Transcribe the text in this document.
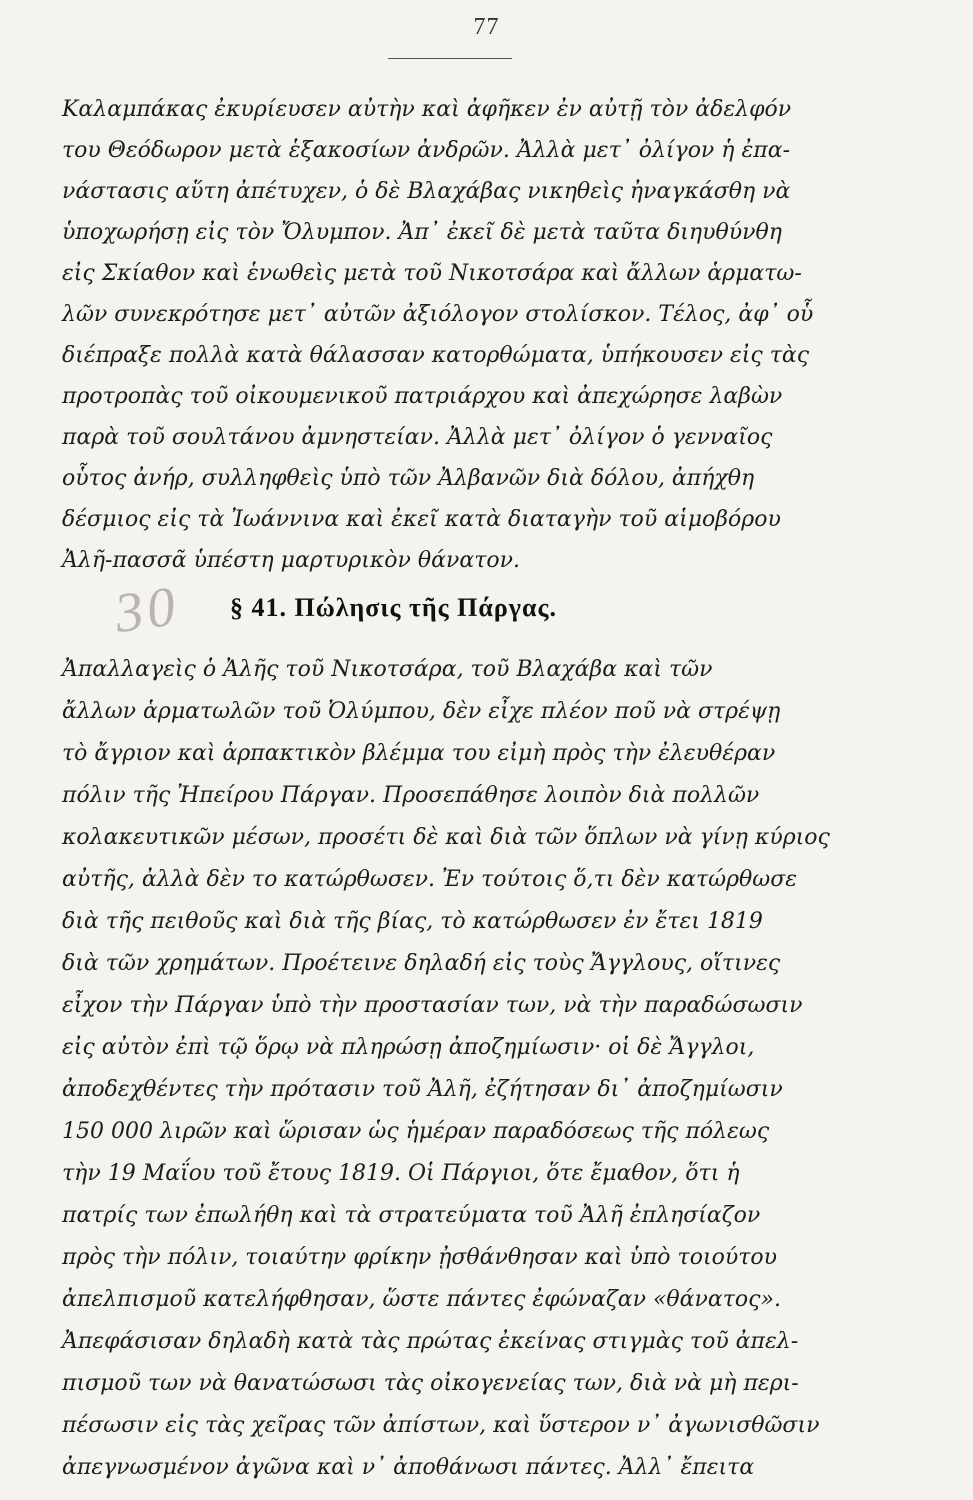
77
Καλαμπάκας ἐκυρίευσεν αὐτὴν καὶ ἀφῆκεν ἐν αὐτῇ τὸν ἀδελφόν
του Θεόδωρον μετὰ ἑξακοσίων ἀνδρῶν. Ἀλλὰ μετ᾽ ὀλίγον ἡ ἐπα-
νάστασις αὕτη ἀπέτυχεν, ὁ δὲ Βλαχάβας νικηθεὶς ἠναγκάσθη νὰ
ὑποχωρήσῃ εἰς τὸν Ὄλυμπον. Ἀπ᾽ ἐκεῖ δὲ μετὰ ταῦτα διηυθύνθη
εἰς Σκίαθον καὶ ἑνωθεὶς μετὰ τοῦ Νικοτσάρα καὶ ἄλλων ἁρματω-
λῶν συνεκρότησε μετ᾽ αὐτῶν ἀξιόλογον στολίσκον. Τέλος, ἀφ᾽ οὗ
διέπραξε πολλὰ κατὰ θάλασσαν κατορθώματα, ὑπήκουσεν εἰς τὰς
προτροπὰς τοῦ οἰκουμενικοῦ πατριάρχου καὶ ἀπεχώρησε λαβὼν
παρὰ τοῦ σουλτάνου ἀμνηστείαν. Ἀλλὰ μετ᾽ ὀλίγον ὁ γενναῖος
οὗτος ἀνήρ, συλληφθεὶς ὑπὸ τῶν Ἀλβανῶν διὰ δόλου, ἀπήχθη
δέσμιος εἰς τὰ Ἰωάννινα καὶ ἐκεῖ κατὰ διαταγὴν τοῦ αἱμοβόρου
Ἀλῆ-πασσᾶ ὑπέστη μαρτυρικὸν θάνατον.
30 § 41. Πώλησις τῆς Πάργας.
Ἀπαλλαγεὶς ὁ Ἀλῆς τοῦ Νικοτσάρα, τοῦ Βλαχάβα καὶ τῶν
ἄλλων ἁρματωλῶν τοῦ Ὀλύμπου, δὲν εἶχε πλέον ποῦ νὰ στρέψῃ
τὸ ἄγριον καὶ ἁρπακτικὸν βλέμμα του εἰμὴ πρὸς τὴν ἐλευθέραν
πόλιν τῆς Ἠπείρου Πάργαν. Προσεπάθησε λοιπὸν διὰ πολλῶν
κολακευτικῶν μέσων, προσέτι δὲ καὶ διὰ τῶν ὅπλων νὰ γίνῃ κύριος
αὐτῆς, ἀλλὰ δὲν το κατώρθωσεν. Ἐν τούτοις ὅ,τι δὲν κατώρθωσε
διὰ τῆς πειθοῦς καὶ διὰ τῆς βίας, τὸ κατώρθωσεν ἐν ἔτει 1819
διὰ τῶν χρημάτων. Προέτεινε δηλαδή εἰς τοὺς Ἄγγλους, οἵτινες
εἶχον τὴν Πάργαν ὑπὸ τὴν προστασίαν των, νὰ τὴν παραδώσωσιν
εἰς αὐτὸν ἐπὶ τῷ ὅρῳ νὰ πληρώσῃ ἀποζημίωσιν· οἱ δὲ Ἄγγλοι,
ἀποδεχθέντες τὴν πρότασιν τοῦ Ἀλῆ, ἐζήτησαν δι᾽ ἀποζημίωσιν
150 000 λιρῶν καὶ ὥρισαν ὡς ἡμέραν παραδόσεως τῆς πόλεως
τὴν 19 Μαΐου τοῦ ἔτους 1819. Οἱ Πάργιοι, ὅτε ἔμαθον, ὅτι ἡ
πατρίς των ἐπωλήθη καὶ τὰ στρατεύματα τοῦ Ἀλῆ ἐπλησίαζον
πρὸς τὴν πόλιν, τοιαύτην φρίκην ᾐσθάνθησαν καὶ ὑπὸ τοιούτου
ἀπελπισμοῦ κατελήφθησαν, ὥστε πάντες ἐφώναζαν «θάνατος».
Ἀπεφάσισαν δηλαδὴ κατὰ τὰς πρώτας ἐκείνας στιγμὰς τοῦ ἀπελ-
πισμοῦ των νὰ θανατώσωσι τὰς οἰκογενείας των, διὰ νὰ μὴ περι-
πέσωσιν εἰς τὰς χεῖρας τῶν ἀπίστων, καὶ ὕστερον ν᾽ ἀγωνισθῶσιν
ἀπεγνωσμένον ἀγῶνα καὶ ν᾽ ἀποθάνωσι πάντες. Ἀλλ᾽ ἔπειτα
